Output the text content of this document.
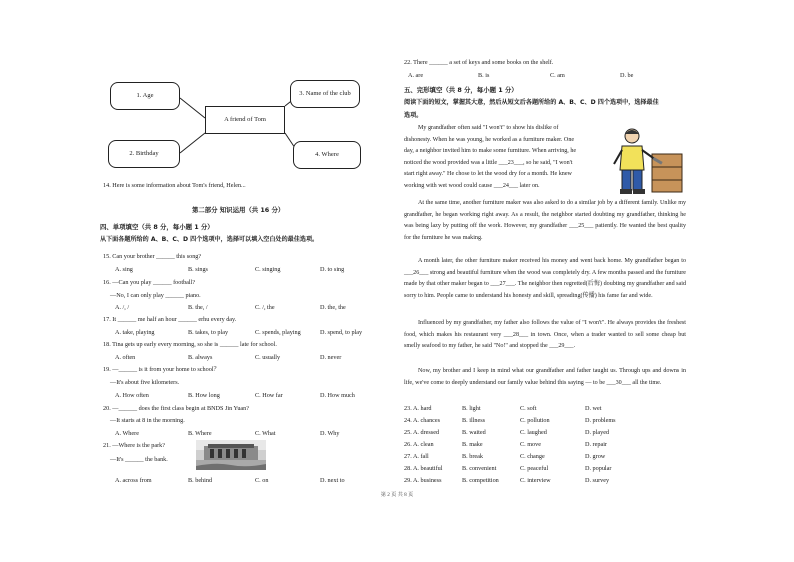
1. Age
A friend of Tom
3. Name of the club
2. Birthday	4. Where
14. Here is some information about Tom's friend, Helen...
第二部分 知识运用（共 16 分）
四、单项填空（共 8 分，每小题 1 分）
从下面各题所给的 A、B、C、D 四个选项中，选择可以填入空白处的最佳选项。
15. Can your brother ______ this song?
A. sing	B. sings	C. singing	D. to sing
16. —Can you play ______ football?
—No, I can only play ______ piano.
A. /, /	B. the, /	C. /, the	D. the, the
17. It ______ me half an hour ______ erhu every day.
A. take, playing	B. takes, to play	C. spends, playing	D. spend, to play
18. Tina gets up early every morning, so she is ______ late for school.
A. often	B. always	C. usually	D. never
19. —______ is it from your home to school？
—It's about five kilometers.
A. How often	B. How long	C. How far	D. How much
20. —______ does the first class begin at BNDS Jin Yuan?
—It starts at 8 in the morning.
A. Where	B. Where	C. What	D. Why
21. —Where is the park?
—It's ______ the bank.
A. across from	B. behind	C. on	D. next to
22. There ______ a set of keys and some books on the shelf.
A. are	B. is	C. am	D. be
五、完形填空（共 8 分，每小题 1 分）
阅读下面的短文，掌握其大意，然后从短文后各题所给的 A、B、C、D 四个选项中，选择最佳
选项。
My grandfather often said "I won't" to show his dislike of
dishonesty. When he was young, he worked as a furniture maker. One
day, a neighbor invited him to make some furniture. When arriving, he
noticed the wood provided was a little ___23___, so he said, "I won't
start right away." He chose to let the wood dry for a month. He knew
working with wet wood could cause ___24___ later on.
At the same time, another furniture maker was also asked to do a similar job by a different family. Unlike my grandfather, he began working right away. As a result, the neighbor started doubting my grandfather, thinking he was being lazy by putting off the work. However, my grandfather ___25___ patiently. He wanted the best quality for the furniture he was making.
A month later, the other furniture maker received his money and went back home. My grandfather began to ___26___ strong and beautiful furniture when the wood was completely dry. A few months passed and the furniture made by that other maker began to ___27___. The neighbor then regretted(后悔) doubting my grandfather and said sorry to him. People came to understand his honesty and skill, spreading(传播) his fame far and wide.
Influenced by my grandfather, my father also follows the value of "I won't". He always provides the freshest food, which makes his restaurant very ___28___ in town. Once, when a trader wanted to sell some cheap but smelly seafood to my father, he said "No!" and stopped the ___29___.
Now, my brother and I keep in mind what our grandfather and father taught us. Through ups and downs in life, we've come to deeply understand our family value behind this saying — to be ___30___ all the time.
23. A. hard	B. light	C. soft	D. wet
24. A. chances	B. illness	C. pollution	D. problems
25. A. dressed	B. waited	C. laughed	D. played
26. A. clean	B. make	C. move	D. repair
27. A. fall	B. break	C. change	D. grow
28. A. beautiful	B. convenient	C. peaceful	D. popular
29. A. business	B. competition	C. interview	D. survey
第 2 页 共 8 页
